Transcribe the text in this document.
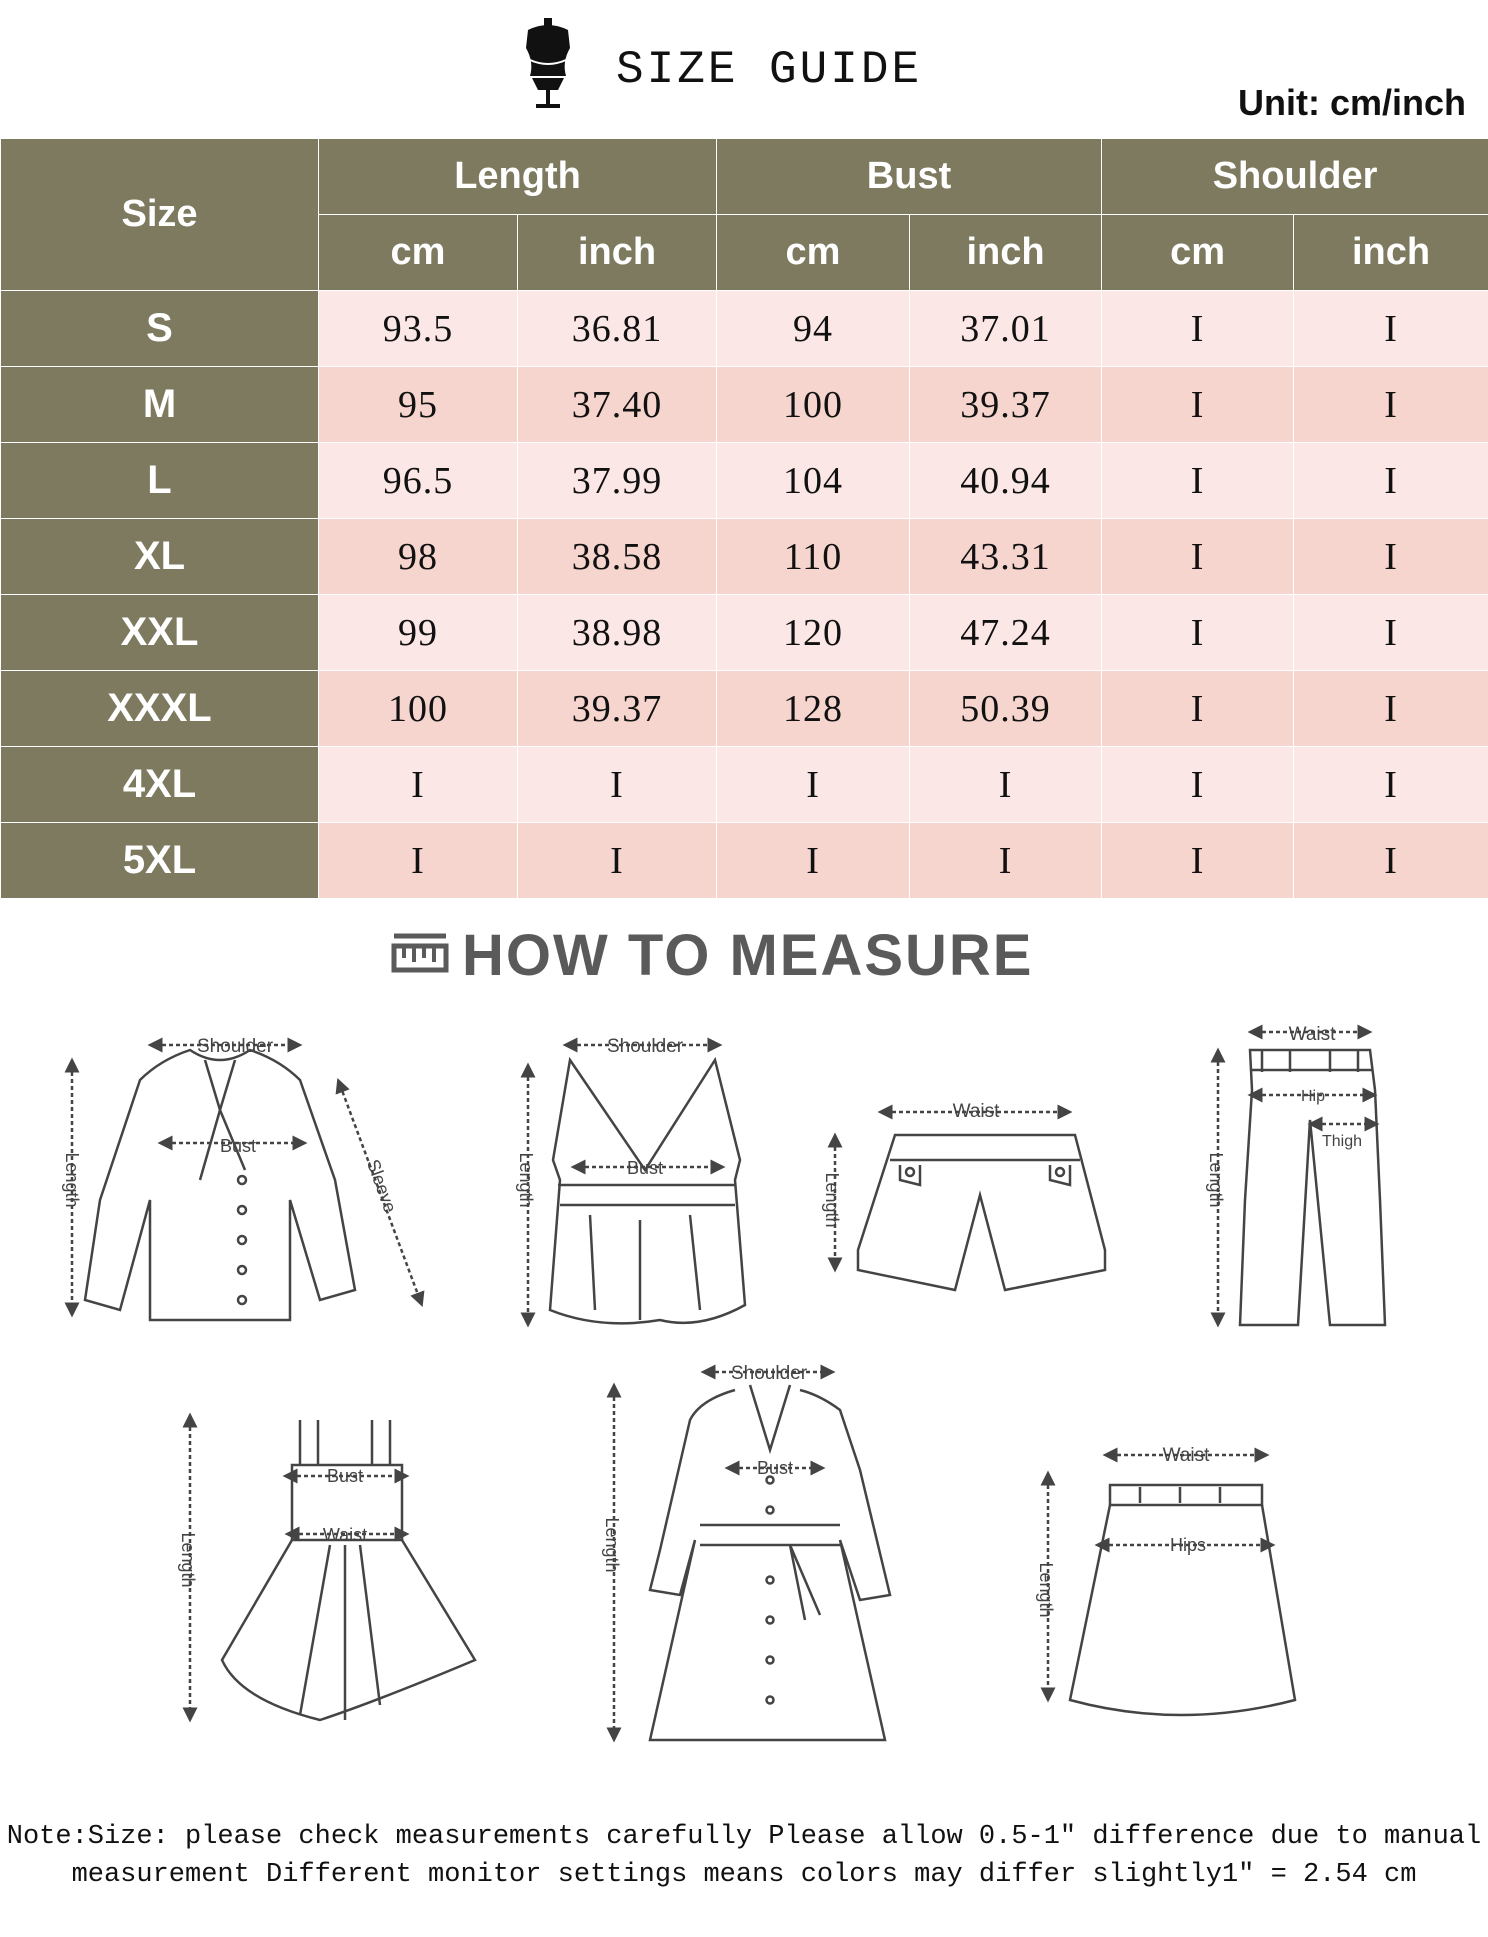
SIZE GUIDE
Unit: cm/inch
Size	Length		Bust		Shoulder	
	cm	inch	cm	inch	cm	inch
S	93.5	36.81	94	37.01	I	I
M	95	37.40	100	39.37	I	I
L	96.5	37.99	104	40.94	I	I
XL	98	38.58	110	43.31	I	I
XXL	99	38.98	120	47.24	I	I
XXXL	100	39.37	128	50.39	I	I
4XL	I	I	I	I	I	I
5XL	I	I	I	I	I	I
HOW TO MEASURE
Shoulder
Bust
Length	Sleeve
Shoulder
Bust
Length
Waist
Length
Waist
Hip
Thigh
Length
Bust
Waist
Length
Shoulder
Bust
Length
Waist
Hips
Length
Note:Size: please check measurements carefully Please allow 0.5-1″ difference due to manual
measurement Different monitor settings means colors may differ slightly1″ = 2.54 cm
